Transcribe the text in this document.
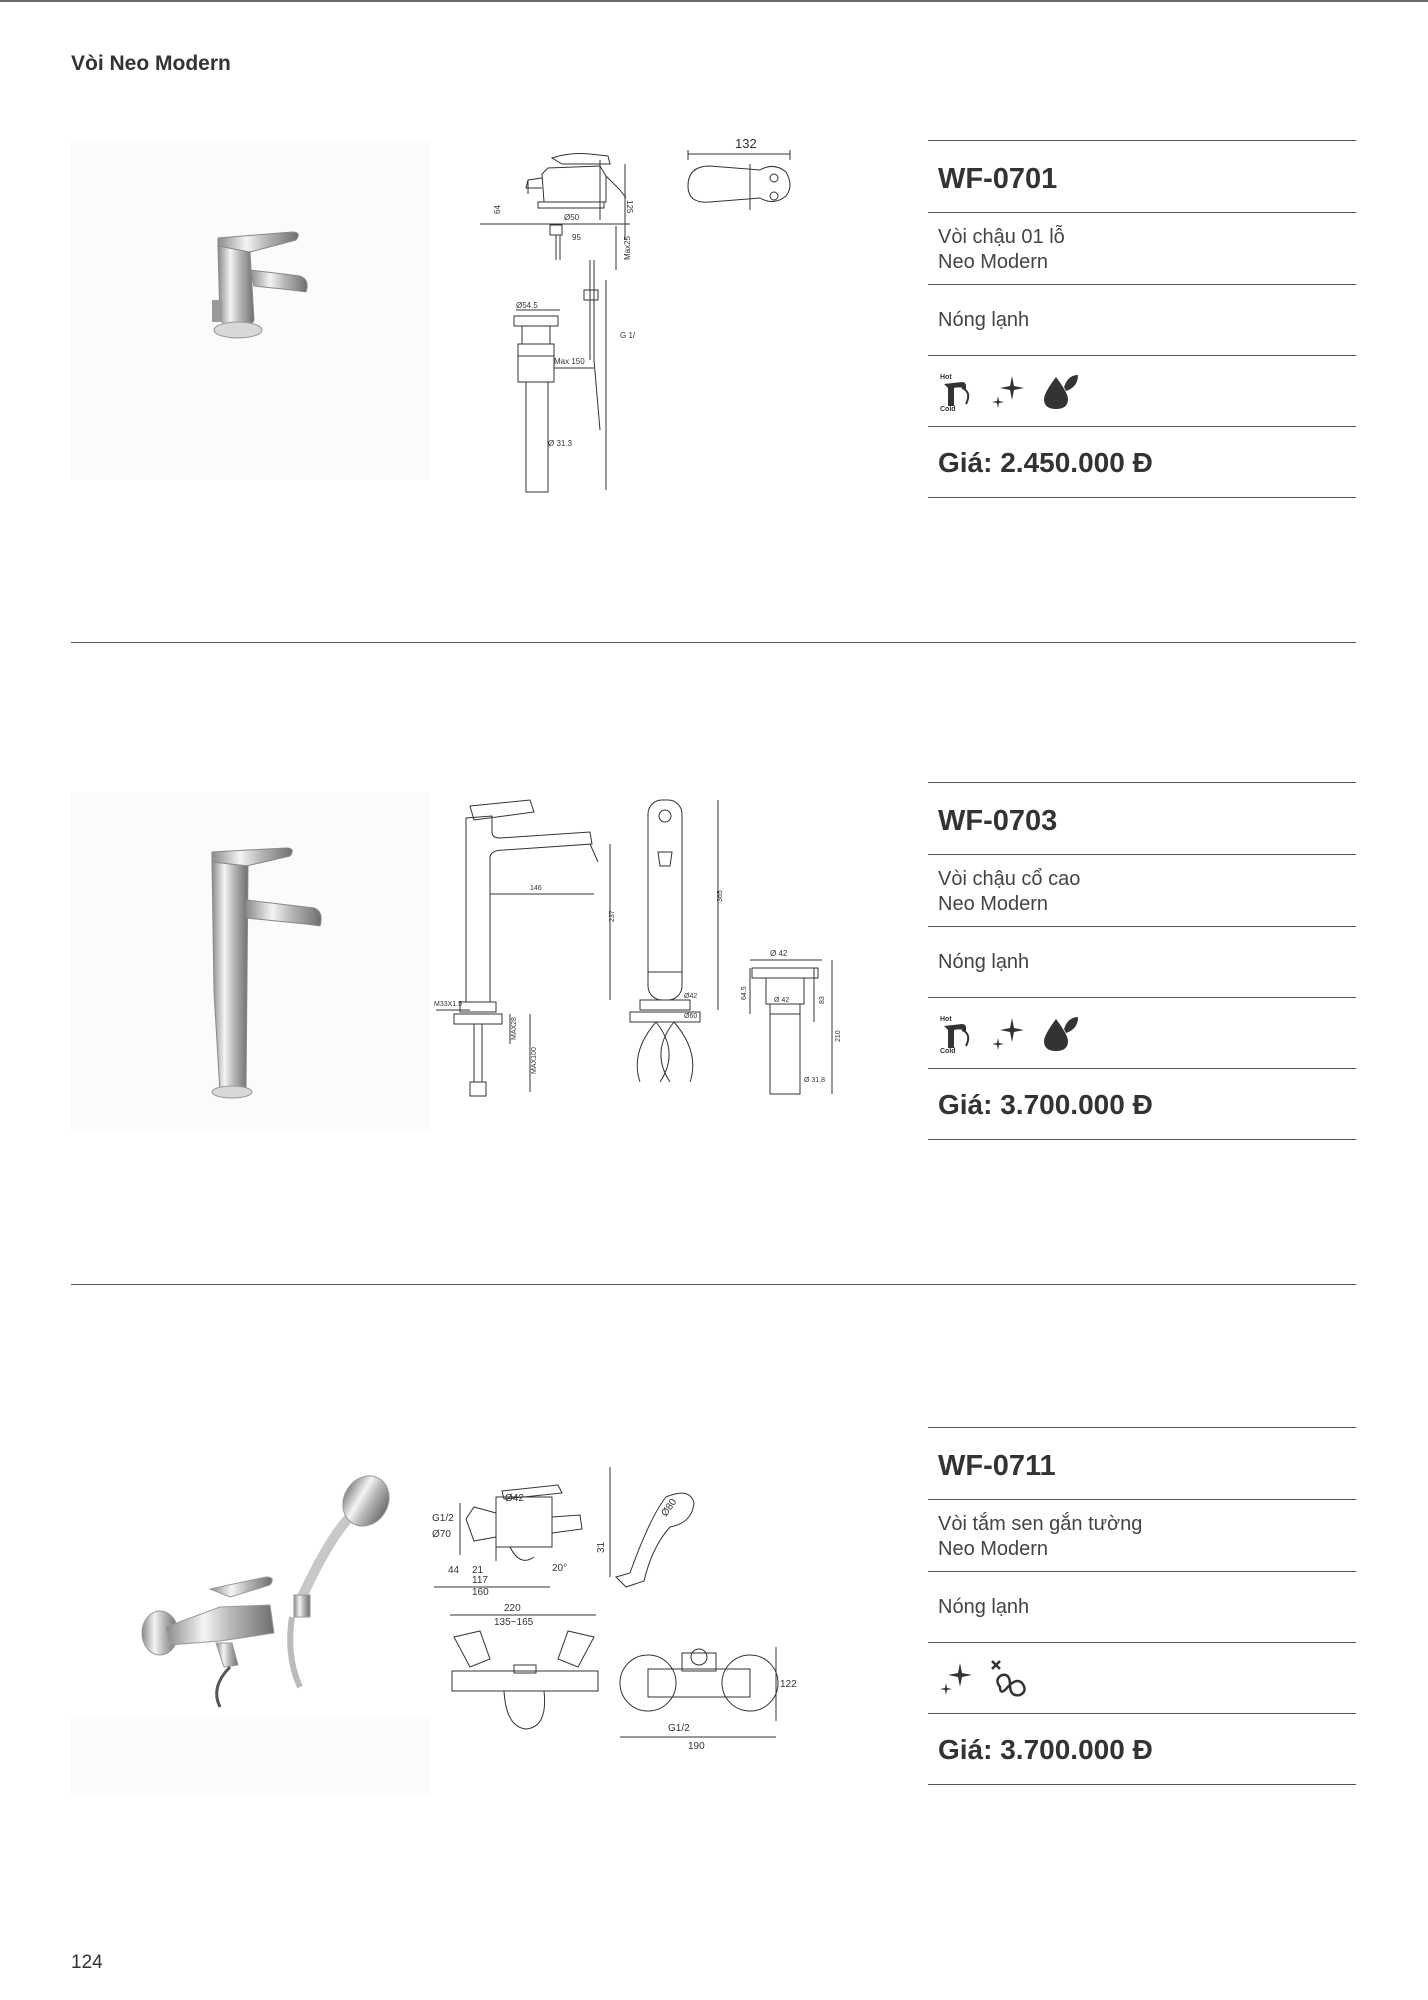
Vòi Neo Modern
125
64
Ø50
95	Max25
Ø54.5
Max 150
G 1/
Ø 31.3
132
WF-0701
Vòi chậu 01 lỗ
Neo Modern
Nóng lạnh
Hot
Cold
Giá: 2.450.000 Đ
146
237
M33X1.5
MAX28
MAX100
365
Ø42
Ø60
Ø 42
Ø 42
64.5
83
210
Ø 31.8
WF-0703
Vòi chậu cổ cao
Neo Modern
Nóng lạnh
Hot
Cold
Giá: 3.700.000 Đ
Ø42
G1/2
Ø70
44 21
117
160
20°
Ø80
31
220
135~165
122
G1/2
190
WF-0711
Vòi tắm sen gắn tường
Neo Modern
Nóng lạnh
Giá: 3.700.000 Đ
124
